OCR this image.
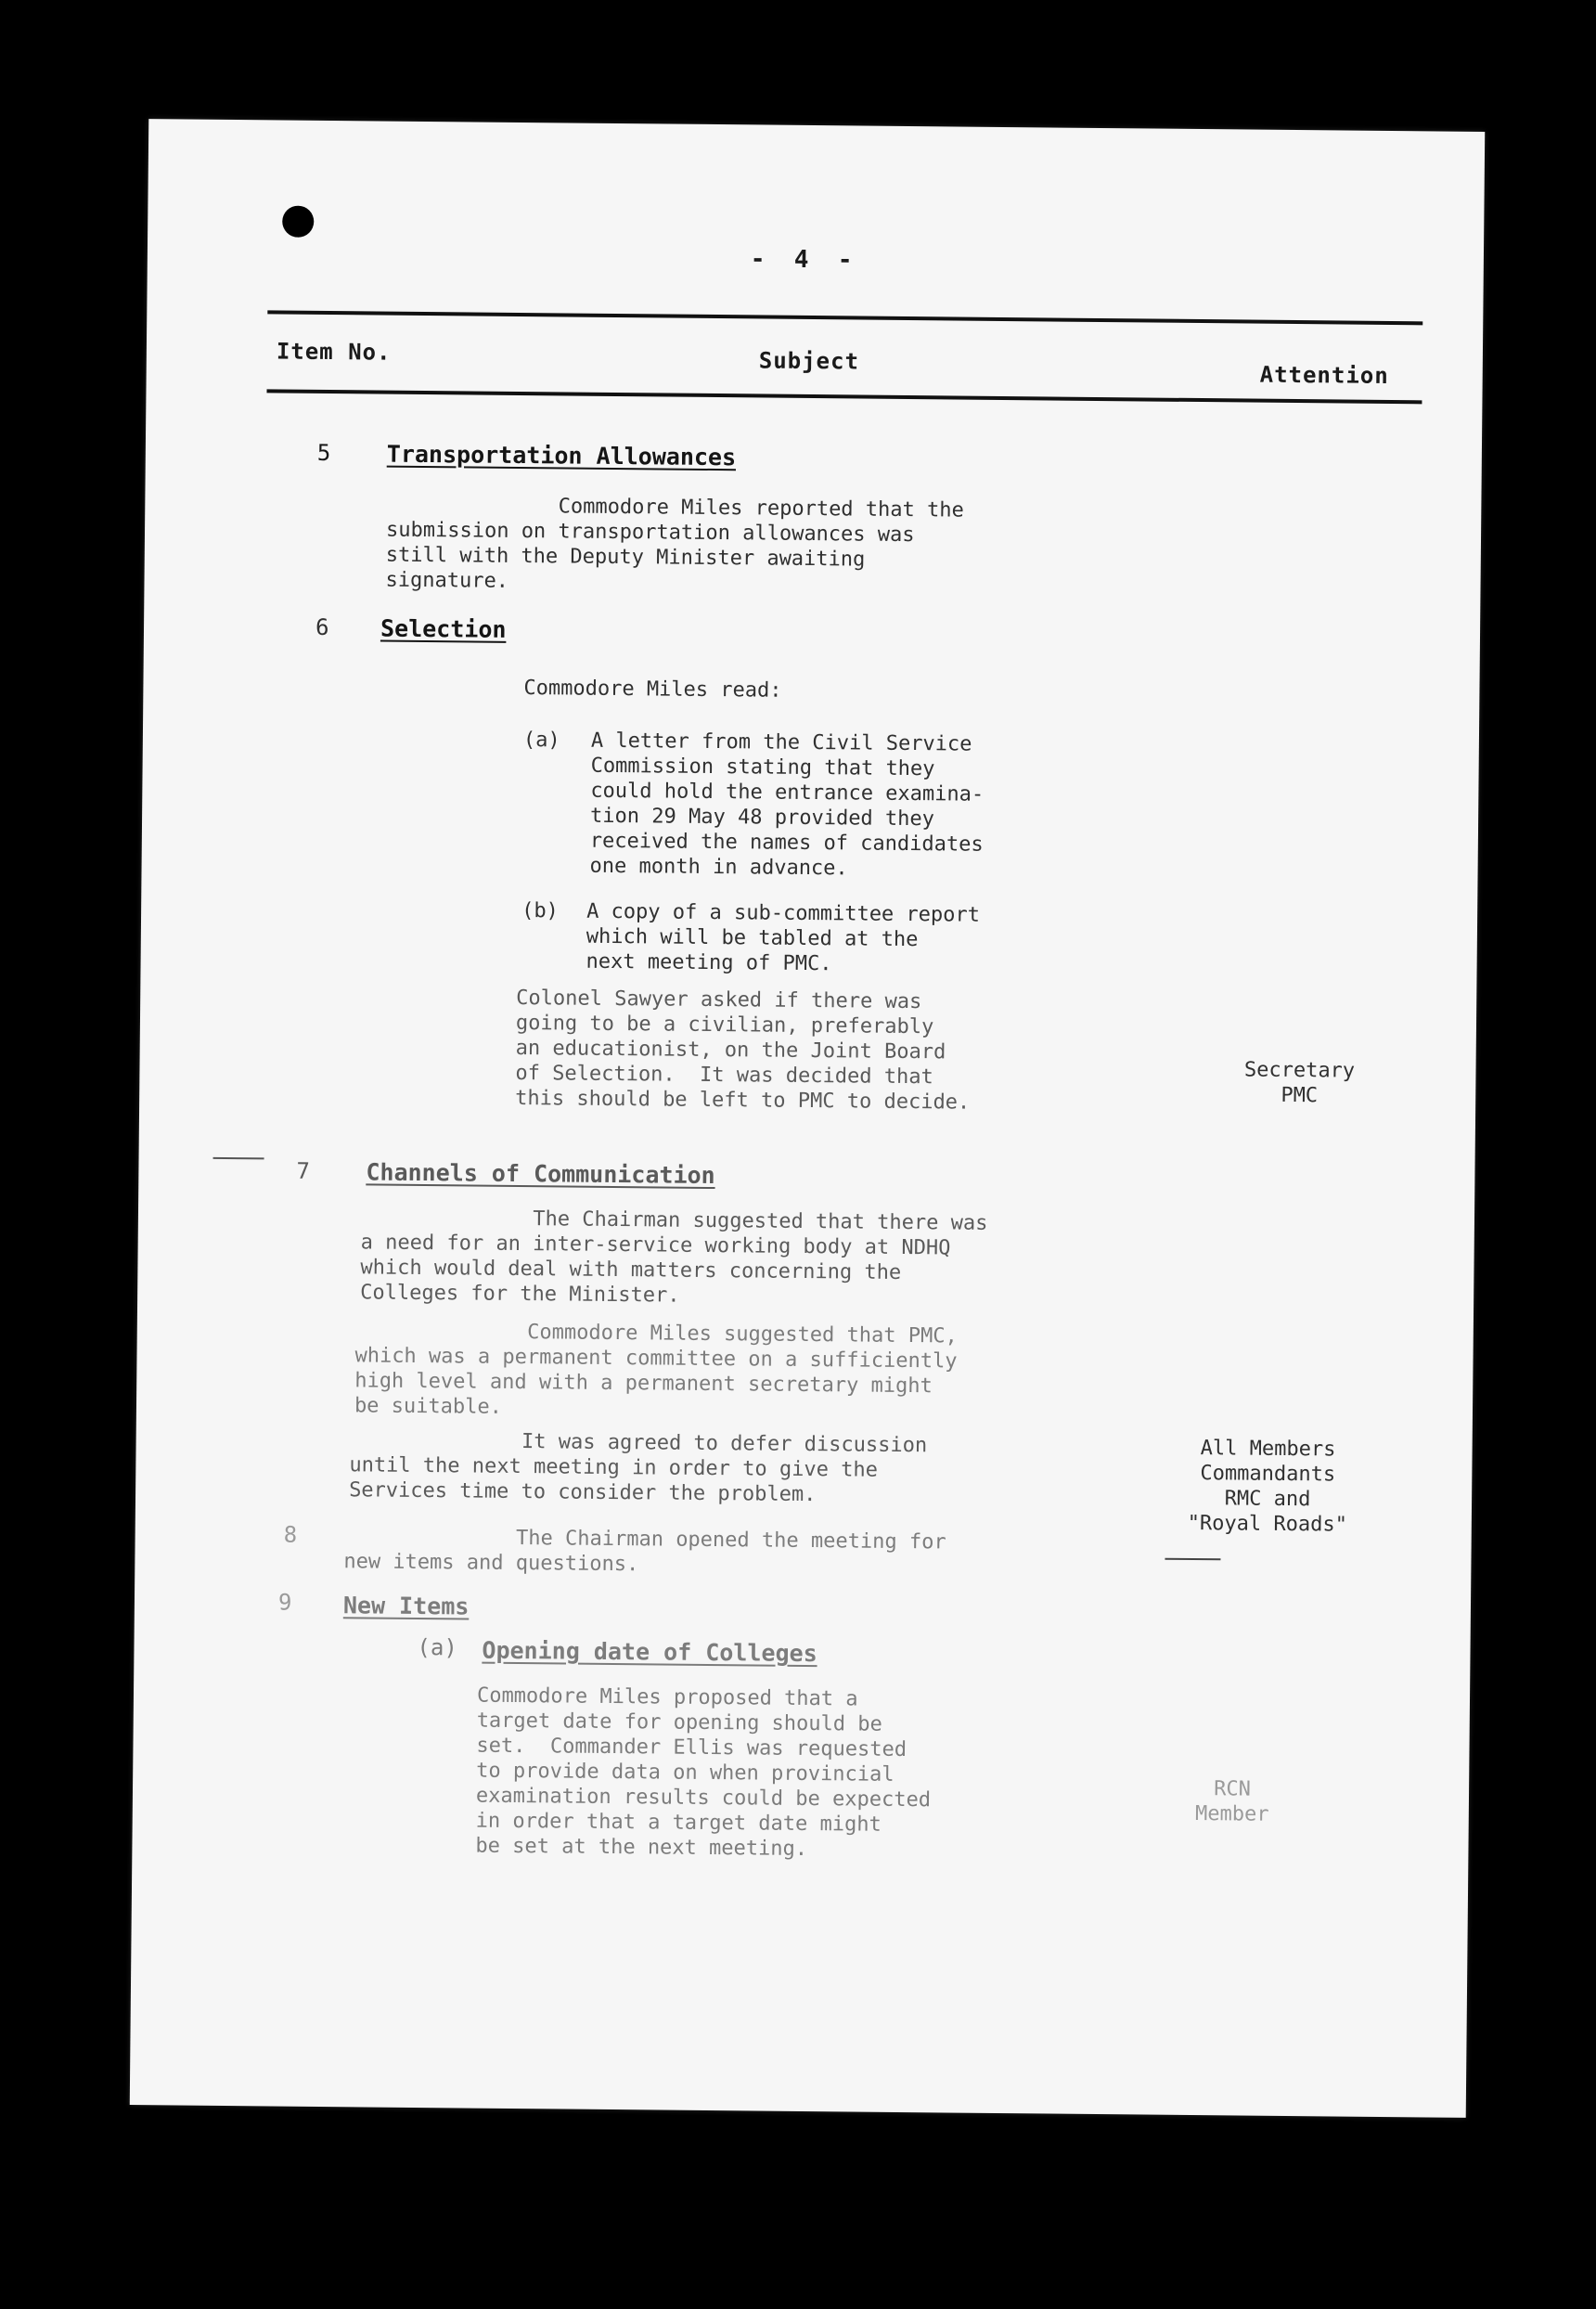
-  4  -
Item No.	Subject
Attention
5 Transportation Allowances
Commodore Miles reported that the
submission on transportation allowances was
still with the Deputy Minister awaiting
signature.
6 Selection
Commodore Miles read:
(a) A letter from the Civil Service
Commission stating that they
could hold the entrance examina-
tion 29 May 48 provided they
received the names of candidates
one month in advance.
(b) A copy of a sub-committee report
which will be tabled at the
next meeting of PMC.
Colonel Sawyer asked if there was
going to be a civilian, preferably
an educationist, on the Joint Board
of Selection.  It was decided that
this should be left to PMC to decide.
Secretary
PMC
7 Channels of Communication
The Chairman suggested that there was
a need for an inter-service working body at NDHQ
which would deal with matters concerning the
Colleges for the Minister.
Commodore Miles suggested that PMC,
which was a permanent committee on a sufficiently
high level and with a permanent secretary might
be suitable.
It was agreed to defer discussion
until the next meeting in order to give the
Services time to consider the problem.
All Members
Commandants
RMC and
"Royal Roads"
8 The Chairman opened the meeting for
new items and questions.
9 New Items
(a) Opening date of Colleges
Commodore Miles proposed that a
target date for opening should be
set.  Commander Ellis was requested
to provide data on when provincial
examination results could be expected
in order that a target date might
be set at the next meeting.
RCN
Member
